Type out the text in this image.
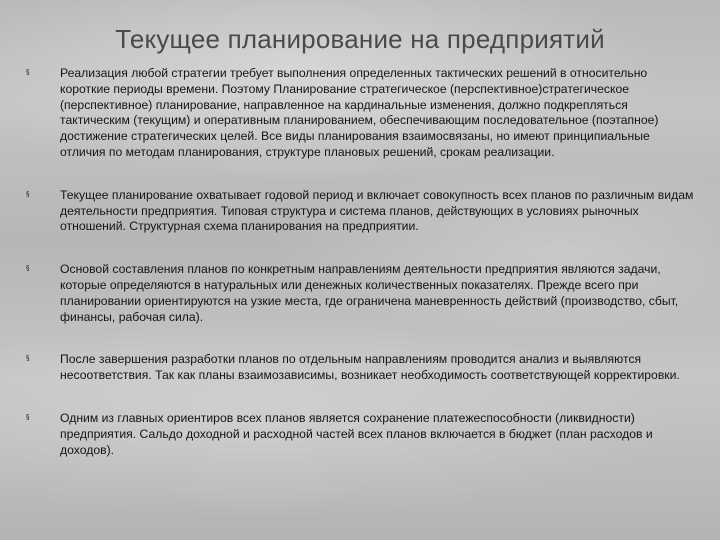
Текущее планирование на предприятий
§	Реализация любой стратегии требует выполнения определенных тактических решений в относительно короткие периоды времени. Поэтому Планирование стратегическое (перспективное)стратегическое (перспективное) планирование, направленное на кардинальные изменения, должно подкрепляться тактическим (текущим) и оперативным планированием, обеспечивающим последовательное (поэтапное) достижение стратегических целей. Все виды планирования взаимосвязаны, но имеют принципиальные отличия по методам планирования, структуре плановых решений, срокам реализации.
§	Текущее планирование охватывает годовой период и включает совокупность всех планов по различным видам деятельности предприятия. Типовая структура и система планов, действующих в условиях рыночных отношений. Структурная схема планирования на предприятии.
§	Основой составления планов по конкретным направлениям деятельности предприятия являются задачи, которые определяются в натуральных или денежных количественных показателях. Прежде всего при планировании ориентируются на узкие места, где ограничена маневренность действий (производство, сбыт, финансы, рабочая сила).
§	После завершения разработки планов по отдельным направлениям проводится анализ и выявляются несоответствия. Так как планы взаимозависимы, возникает необходимость соответствующей корректировки.
§	Одним из главных ориентиров всех планов является сохранение платежеспособности (ликвидности) предприятия. Сальдо доходной и расходной частей всех планов включается в бюджет (план расходов и доходов).
